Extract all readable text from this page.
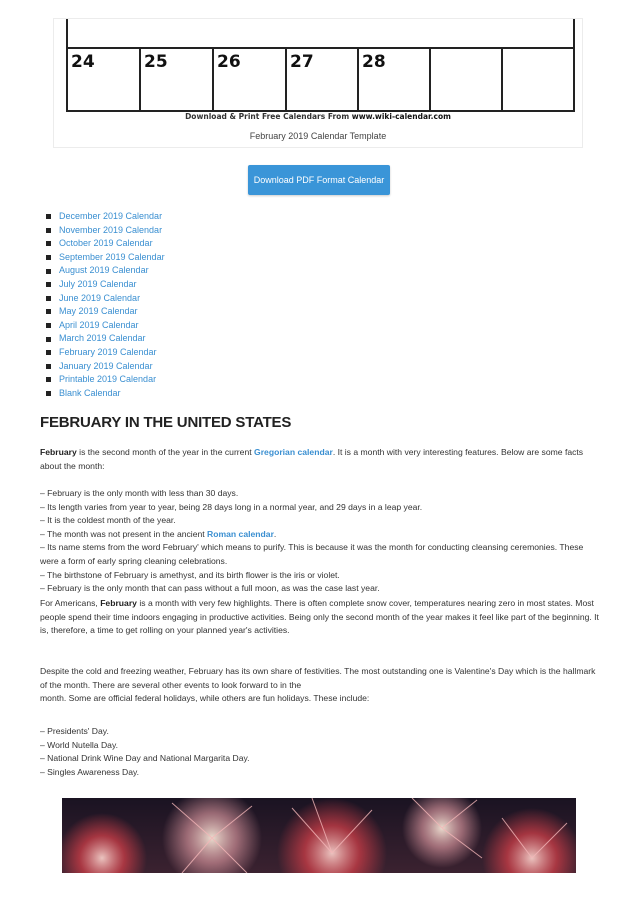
24	25	26	27	28
Download & Print Free Calendars From www.wiki-calendar.com
February 2019 Calendar Template
Download PDF Format Calendar
December 2019 Calendar
November 2019 Calendar
October 2019 Calendar
September 2019 Calendar
August 2019 Calendar
July 2019 Calendar
June 2019 Calendar
May 2019 Calendar
April 2019 Calendar
March 2019 Calendar
February 2019 Calendar
January 2019 Calendar
Printable 2019 Calendar
Blank Calendar
FEBRUARY IN THE UNITED STATES

February is the second month of the year in the current Gregorian calendar. It is a month with very interesting features. Below are some facts about the month:

– February is the only month with less than 30 days.
– Its length varies from year to year, being 28 days long in a normal year, and 29 days in a leap year.
– It is the coldest month of the year.
– The month was not present in the ancient Roman calendar.
– Its name stems from the word February' which means to purify. This is because it was the month for conducting cleansing ceremonies. These were a form of early spring cleaning celebrations.
– The birthstone of February is amethyst, and its birth flower is the iris or violet.
– February is the only month that can pass without a full moon, as was the case last year.

For Americans, February is a month with very few highlights. There is often complete snow cover, temperatures nearing zero in most states. Most people spend their time indoors engaging in productive activities. Being only the second month of the year makes it feel like part of the beginning. It is, therefore, a time to get rolling on your planned year's activities.

Despite the cold and freezing weather, February has its own share of festivities. The most outstanding one is Valentine's Day which is the hallmark of the month. There are several other events to look forward to in the
month. Some are official federal holidays, while others are fun holidays. These include:
– Presidents' Day.
– World Nutella Day.
– National Drink Wine Day and National Margarita Day.
– Singles Awareness Day.
